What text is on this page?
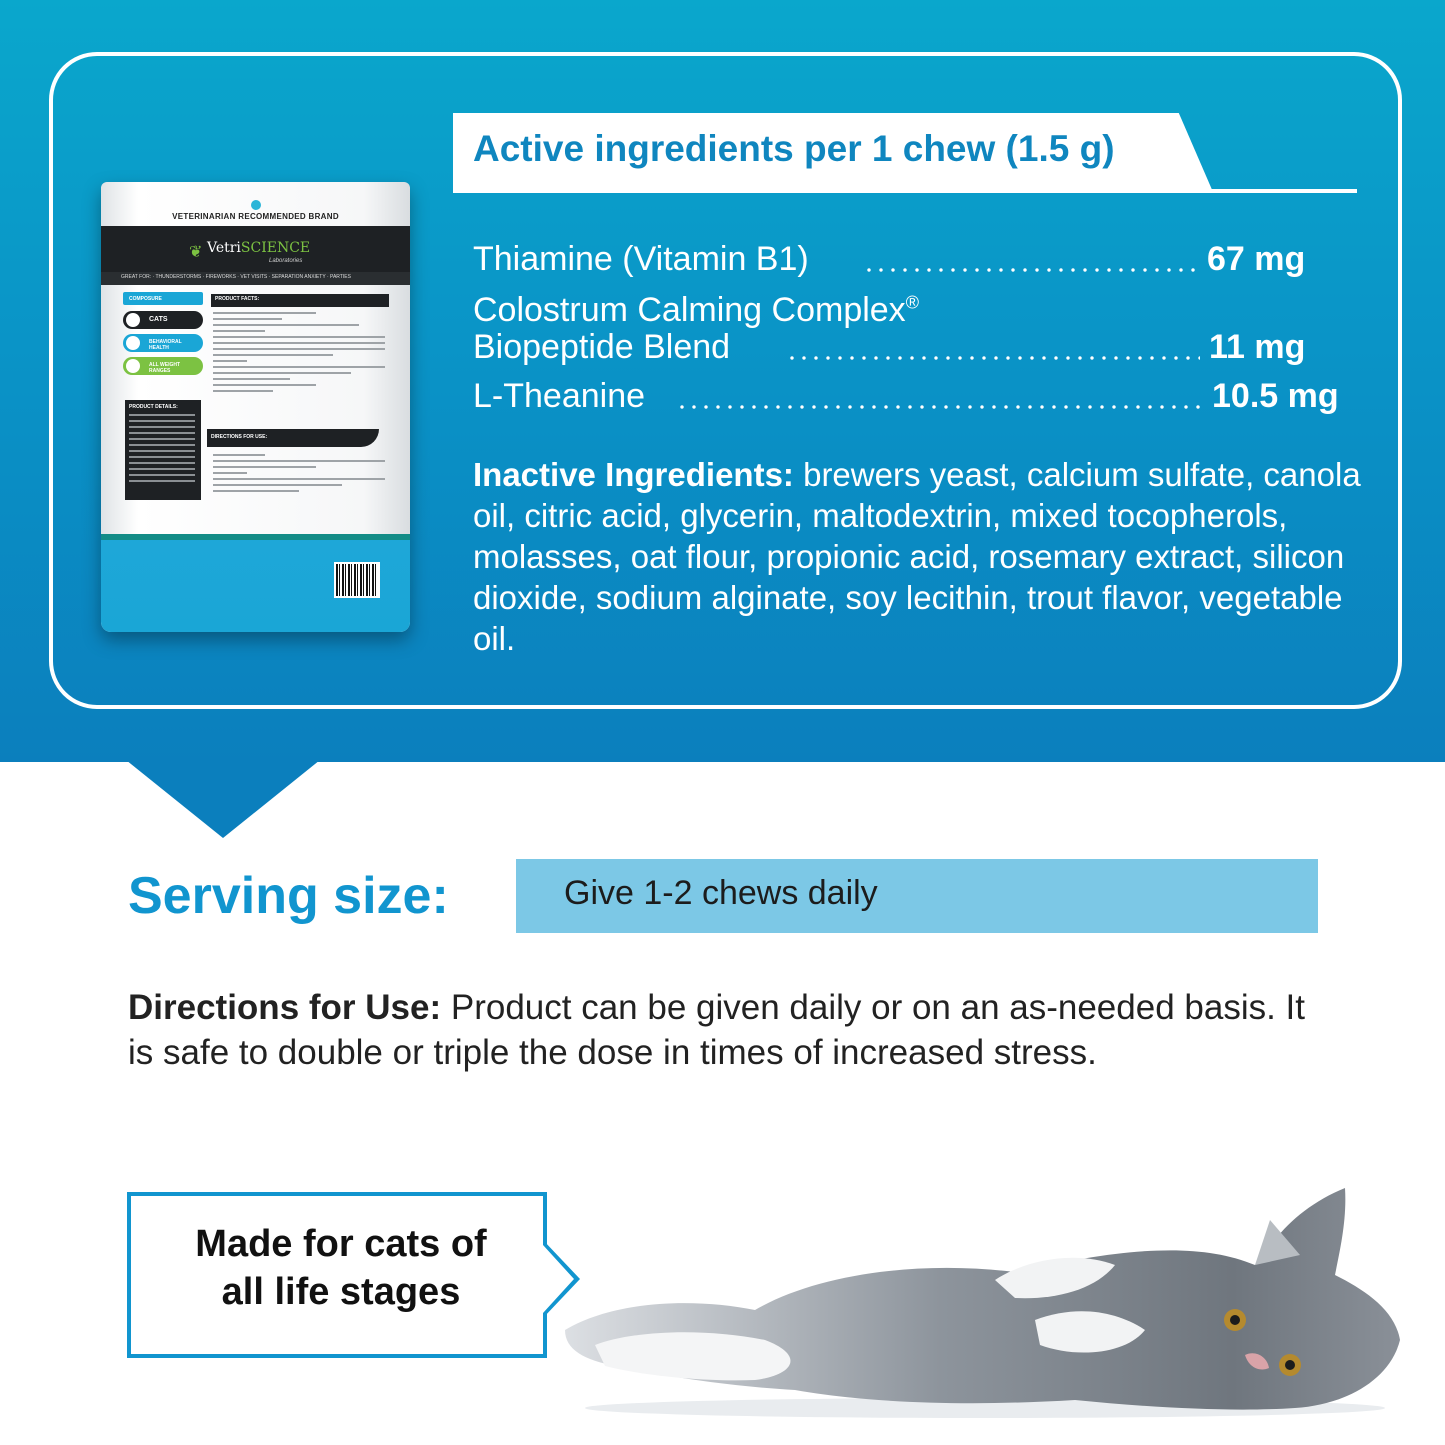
VETERINARIAN RECOMMENDED BRAND
❦ VetriSCIENCE
Laboratories
GREAT FOR: · THUNDERSTORMS · FIREWORKS · VET VISITS · SEPARATION ANXIETY · PARTIES
COMPOSURE
CATS
BEHAVIORAL HEALTH
ALL WEIGHT RANGES
PRODUCT DETAILS:
PRODUCT FACTS:
DIRECTIONS FOR USE:
Active ingredients per 1 chew (1.5 g)
Thiamine (Vitamin B1)	67 mg
Colostrum Calming Complex®
Biopeptide Blend	11 mg
L-Theanine	10.5 mg
Inactive Ingredients: brewers yeast, calcium sulfate, canola oil, citric acid, glycerin, maltodextrin, mixed tocopherols, molasses, oat flour, propionic acid, rosemary extract, silicon dioxide, sodium alginate, soy lecithin, trout flavor, vegetable oil.
Serving size:	Give 1-2 chews daily
Directions for Use: Product can be given daily or on an as-needed basis. It is safe to double or triple the dose in times of increased stress.
Made for cats of
all life stages
